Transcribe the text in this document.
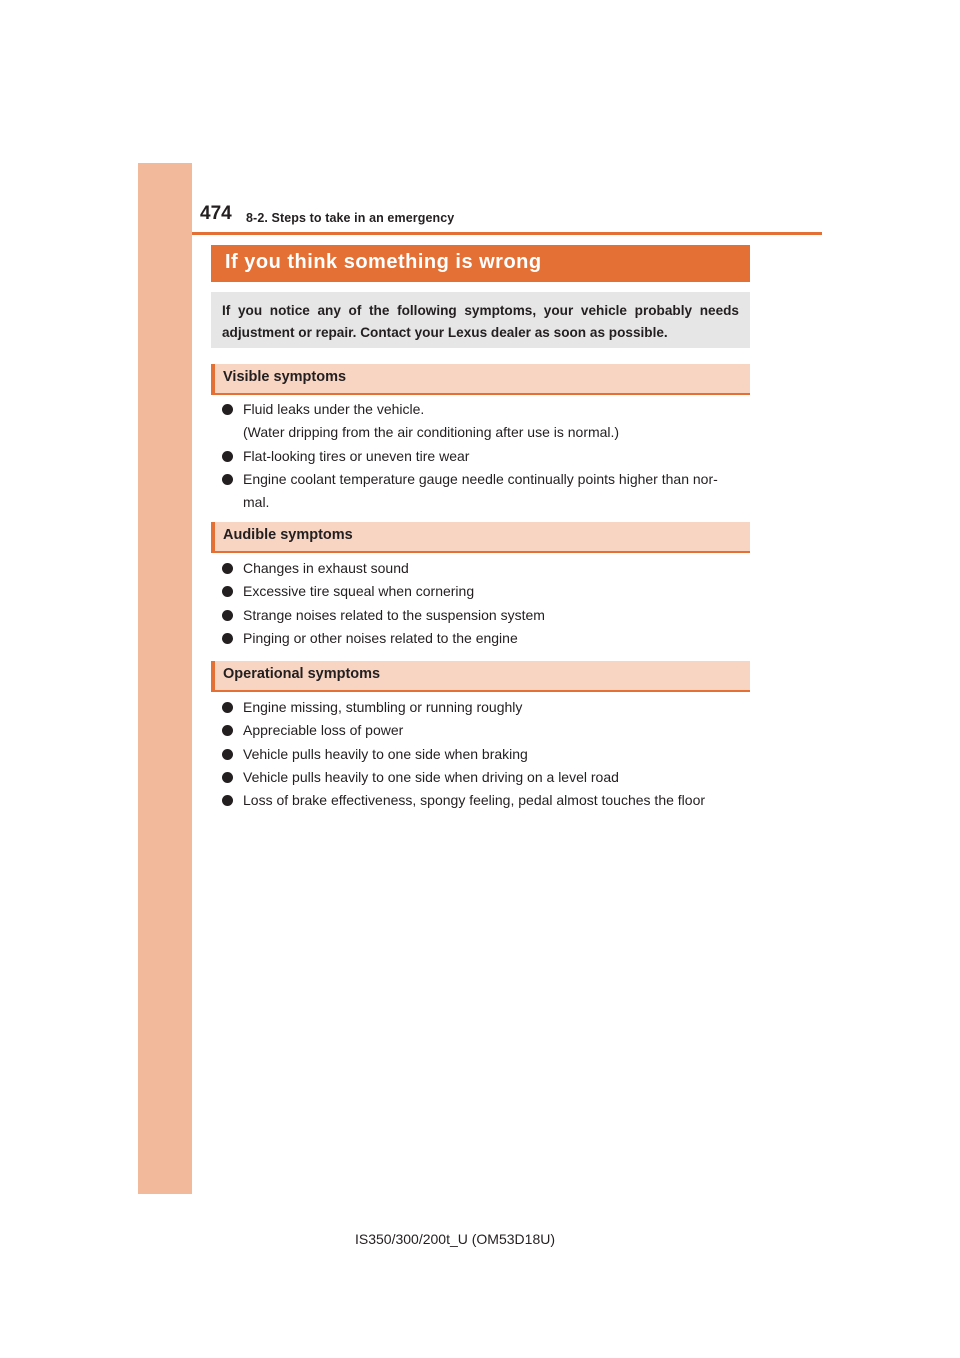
474 8-2. Steps to take in an emergency
If you think something is wrong

If you notice any of the following symptoms, your vehicle probably needs adjustment or repair. Contact your Lexus dealer as soon as possible.

Visible symptoms
Fluid leaks under the vehicle.
(Water dripping from the air conditioning after use is normal.)
Flat-looking tires or uneven tire wear
Engine coolant temperature gauge needle continually points higher than nor-
mal.
Audible symptoms
Changes in exhaust sound
Excessive tire squeal when cornering
Strange noises related to the suspension system
Pinging or other noises related to the engine
Operational symptoms
Engine missing, stumbling or running roughly
Appreciable loss of power
Vehicle pulls heavily to one side when braking
Vehicle pulls heavily to one side when driving on a level road
Loss of brake effectiveness, spongy feeling, pedal almost touches the floor
IS350/300/200t_U (OM53D18U)
